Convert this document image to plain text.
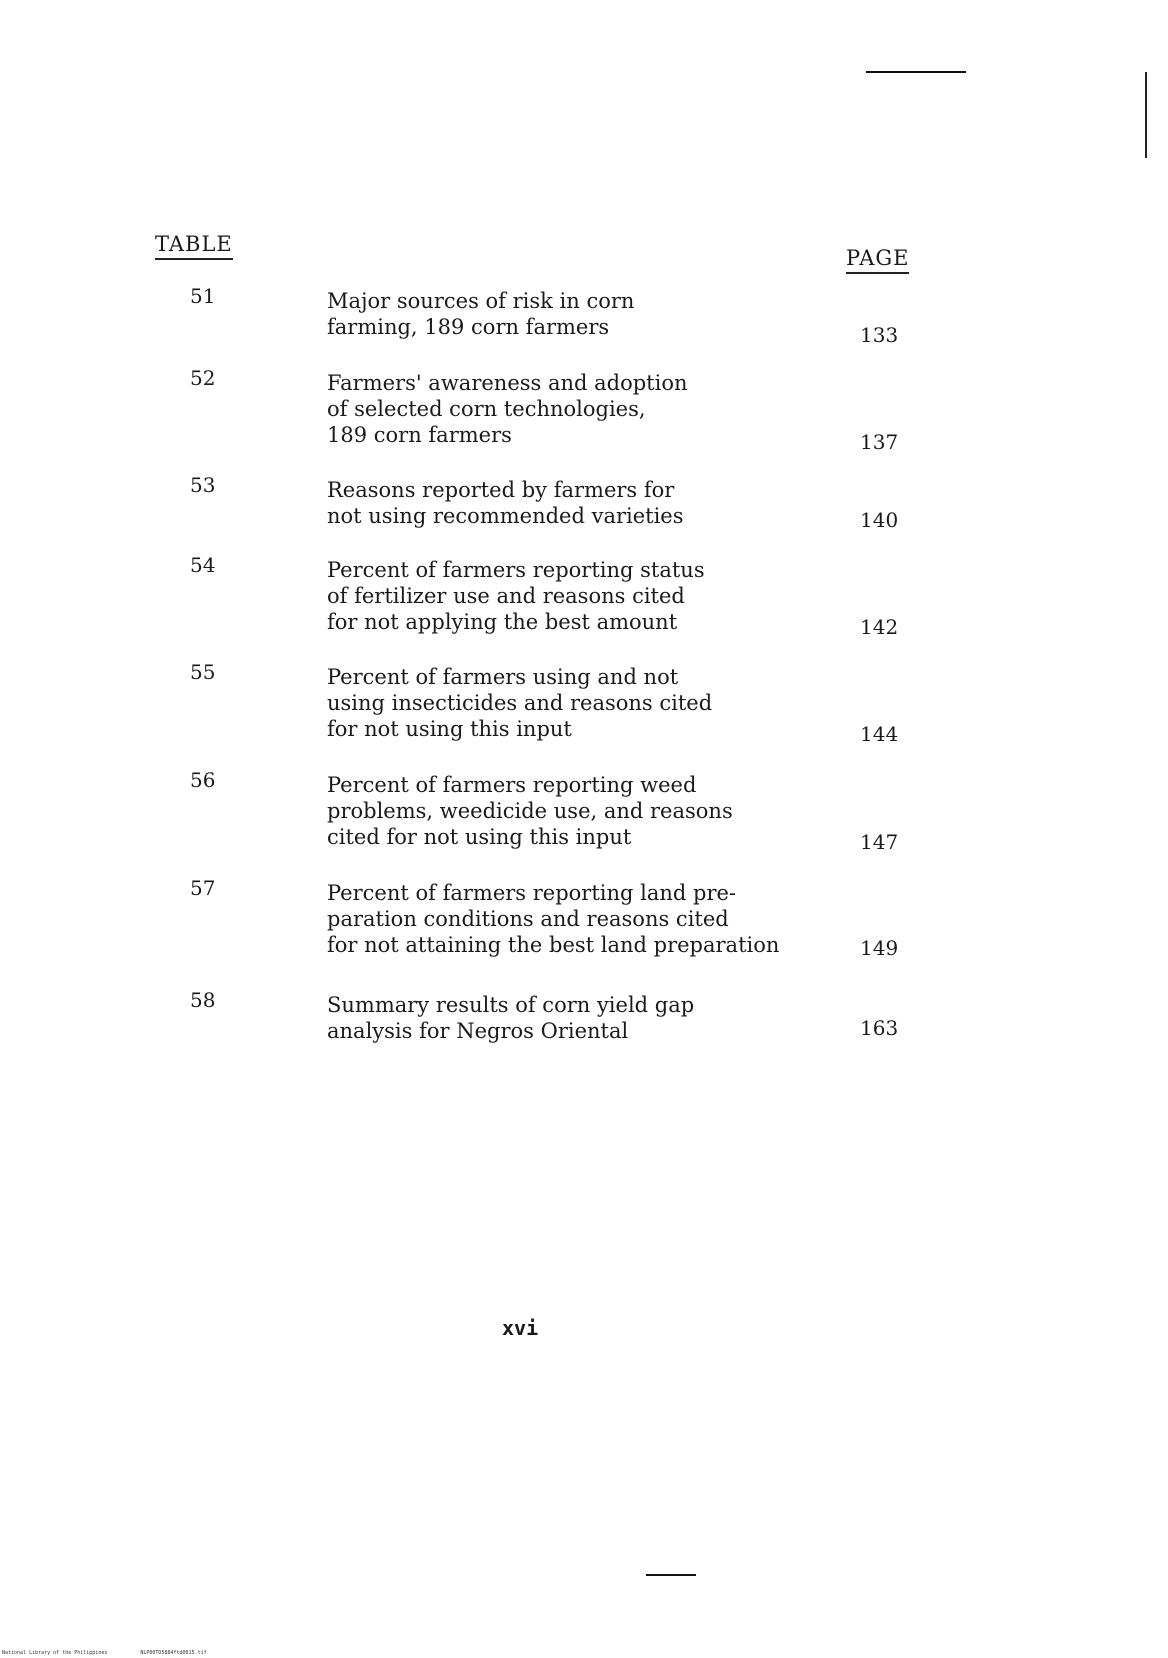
TABLE
PAGE
51	Major sources of risk in corn
farming, 189 corn farmers	133
52	Farmers' awareness and adoption
of selected corn technologies,
189 corn farmers	137
53	Reasons reported by farmers for
not using recommended varieties	140
54	Percent of farmers reporting status
of fertilizer use and reasons cited
for not applying the best amount	142
55	Percent of farmers using and not
using insecticides and reasons cited
for not using this input	144
56	Percent of farmers reporting weed
problems, weedicide use, and reasons
cited for not using this input	147
57	Percent of farmers reporting land pre-
paration conditions and reasons cited
for not attaining the best land preparation	149
58	Summary results of corn yield gap
analysis for Negros Oriental	163
xvi
National Library of the Philippines	NLP00TD5884ftd0015.tif
